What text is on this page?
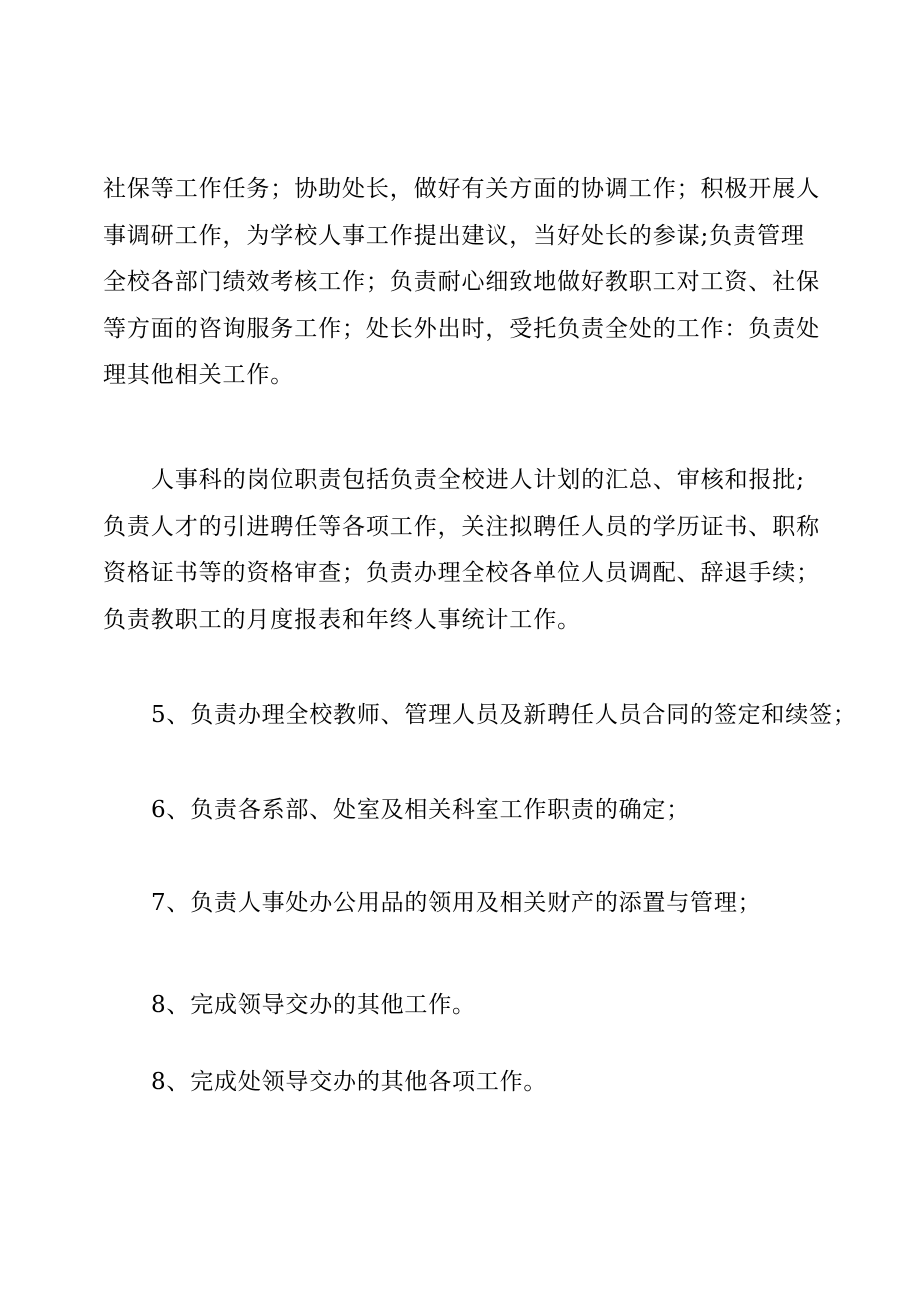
社保等工作任务；协助处长，做好有关方面的协调工作；积极开展人事调研工作，为学校人事工作提出建议，当好处长的参谋;负责管理全校各部门绩效考核工作；负责耐心细致地做好教职工对工资、社保等方面的咨询服务工作；处长外出时，受托负责全处的工作：负责处理其他相关工作。

人事科的岗位职责包括负责全校进人计划的汇总、审核和报批;负责人才的引进聘任等各项工作，关注拟聘任人员的学历证书、职称资格证书等的资格审查；负责办理全校各单位人员调配、辞退手续；负责教职工的月度报表和年终人事统计工作。

5、负责办理全校教师、管理人员及新聘任人员合同的签定和续签；

6、负责各系部、处室及相关科室工作职责的确定；

7、负责人事处办公用品的领用及相关财产的添置与管理；

8、完成领导交办的其他工作。

8、完成处领导交办的其他各项工作。
